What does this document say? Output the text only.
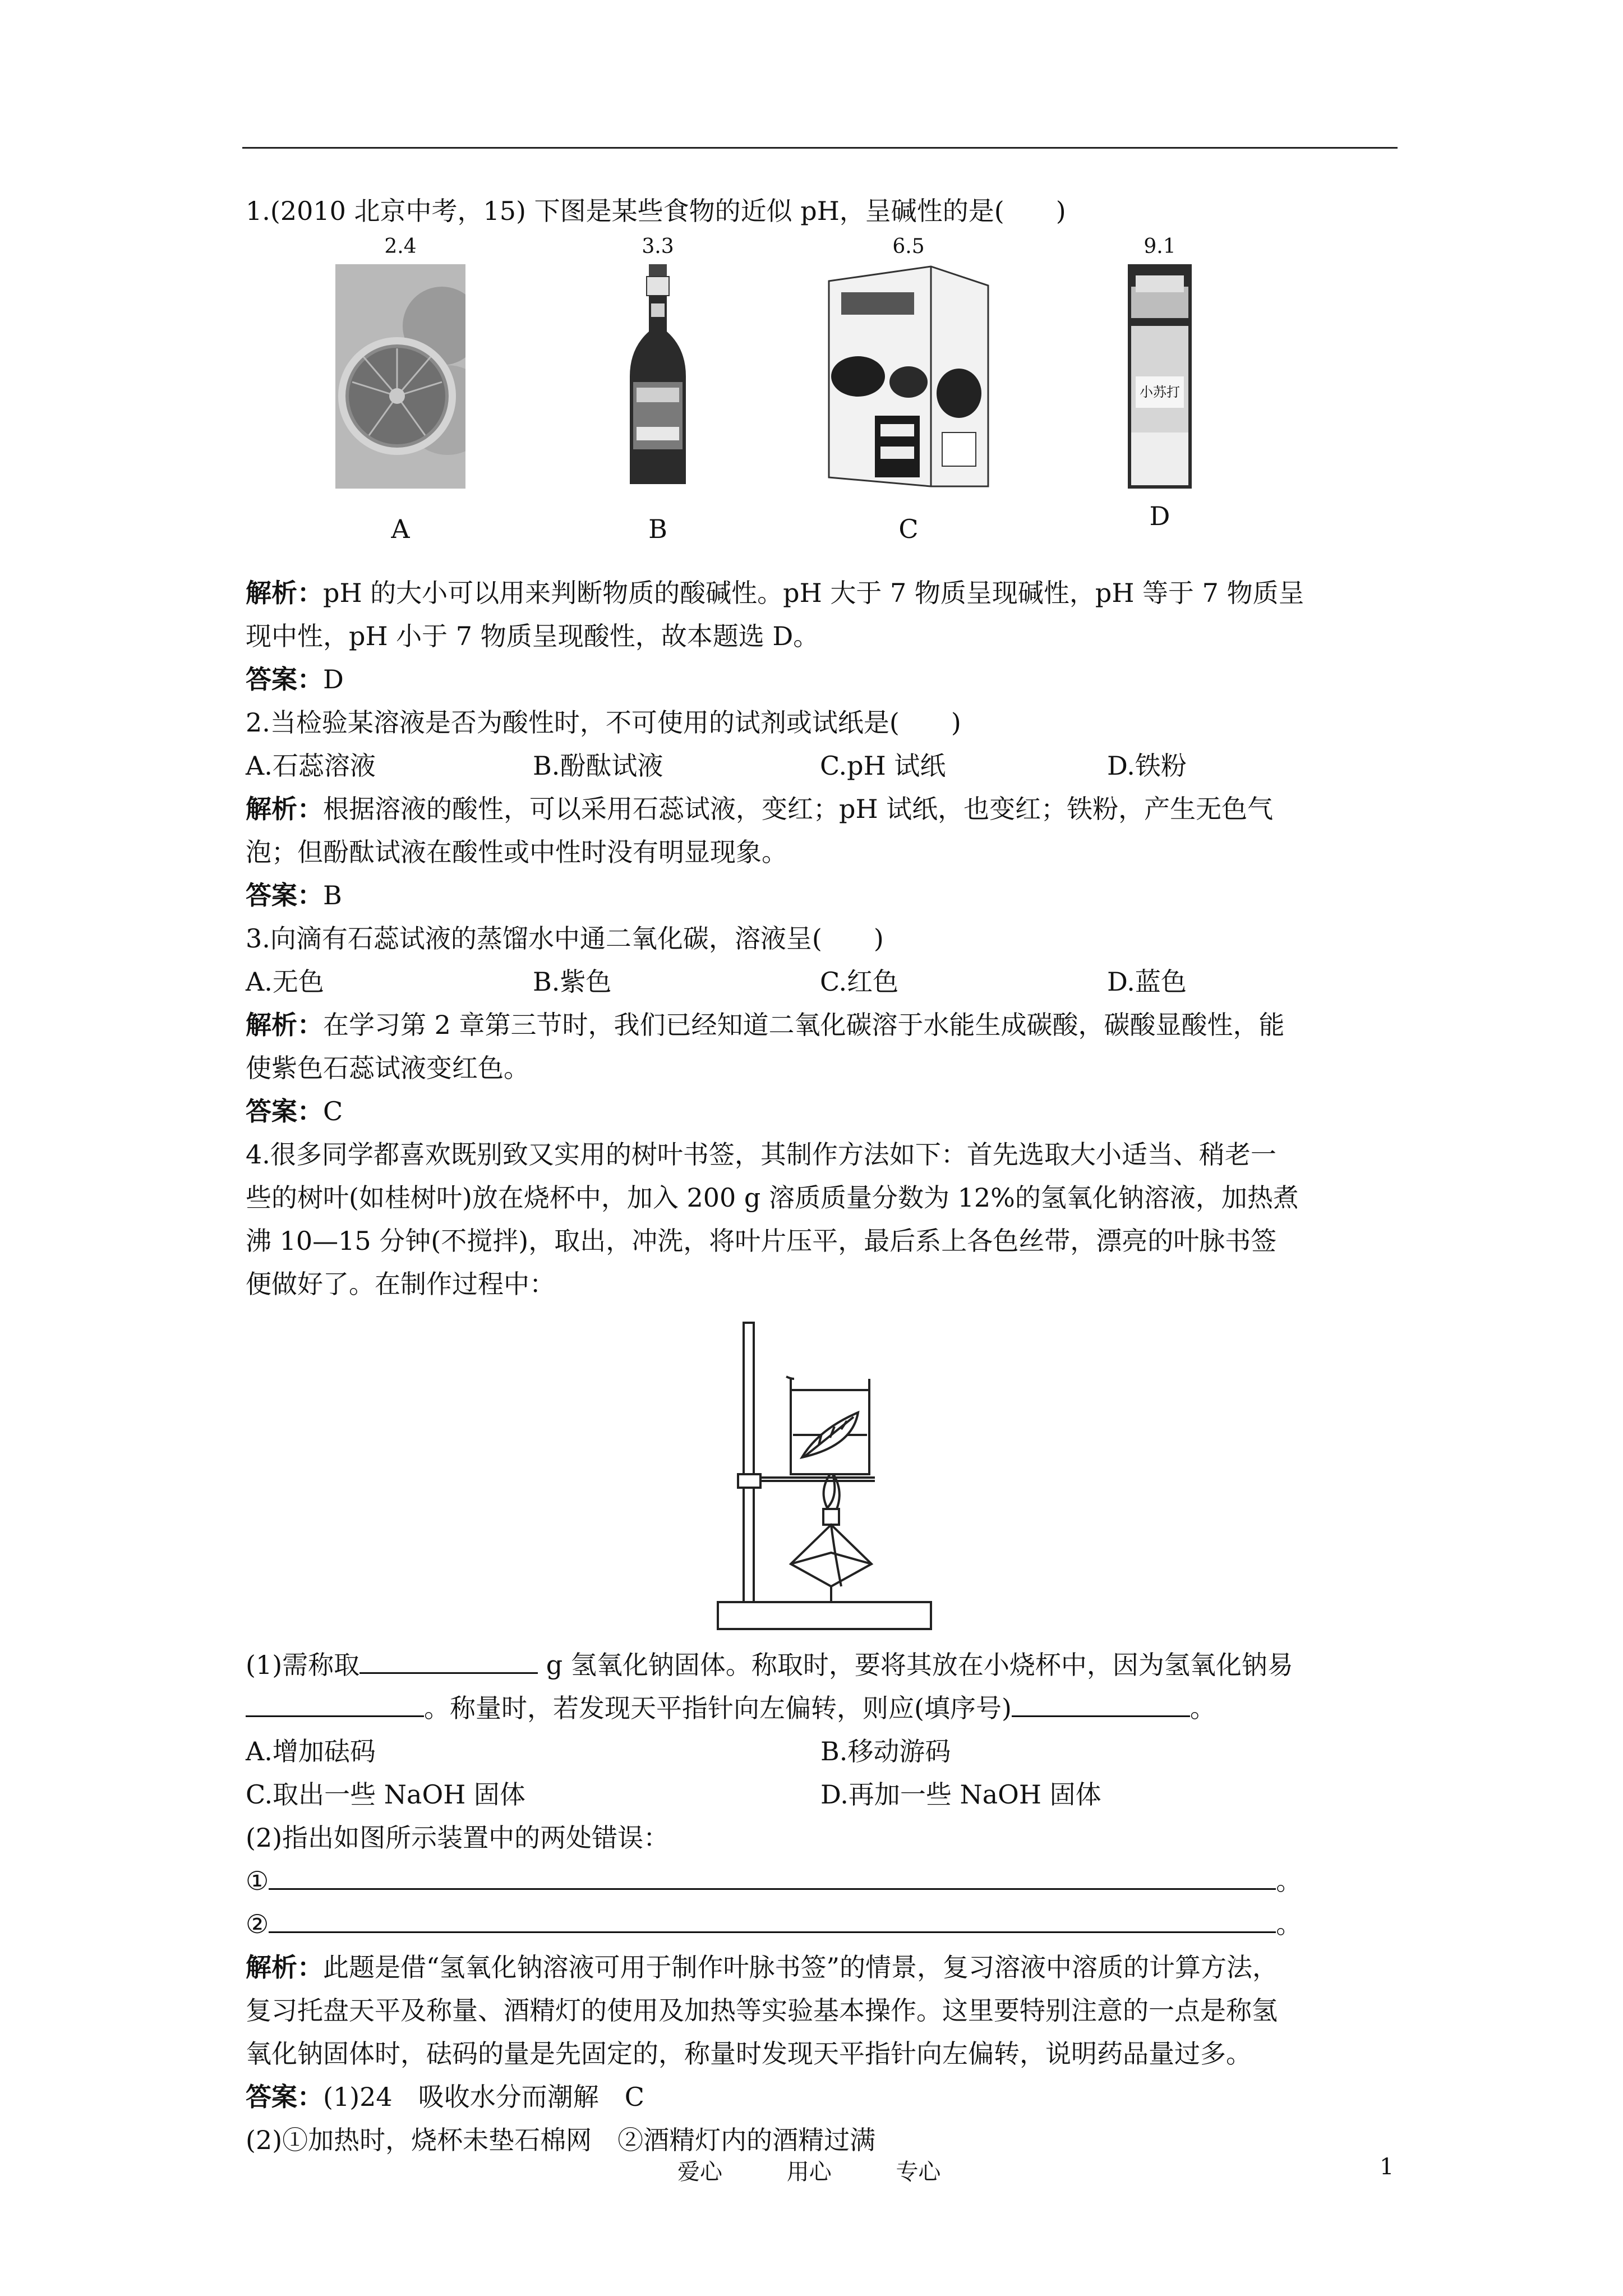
1.(2010 北京中考，15) 下图是某些食物的近似 pH，呈碱性的是(　　)
2.4
A
3.3
B
6.5
C
9.1
小苏打
D
解析：pH 的大小可以用来判断物质的酸碱性。pH 大于 7 物质呈现碱性，pH 等于 7 物质呈
现中性，pH 小于 7 物质呈现酸性，故本题选 D。
答案：D
2.当检验某溶液是否为酸性时，不可使用的试剂或试纸是(　　)
A.石蕊溶液	B.酚酞试液	C.pH 试纸	D.铁粉
解析：根据溶液的酸性，可以采用石蕊试液，变红；pH 试纸，也变红；铁粉，产生无色气
泡；但酚酞试液在酸性或中性时没有明显现象。
答案：B
3.向滴有石蕊试液的蒸馏水中通二氧化碳，溶液呈(　　)
A.无色	B.紫色	C.红色	D.蓝色
解析：在学习第 2 章第三节时，我们已经知道二氧化碳溶于水能生成碳酸，碳酸显酸性，能
使紫色石蕊试液变红色。
答案：C
4.很多同学都喜欢既别致又实用的树叶书签，其制作方法如下：首先选取大小适当、稍老一
些的树叶(如桂树叶)放在烧杯中，加入 200 g 溶质质量分数为 12%的氢氧化钠溶液，加热煮
沸 10—15 分钟(不搅拌)，取出，冲洗，将叶片压平，最后系上各色丝带，漂亮的叶脉书签
便做好了。在制作过程中：
(1)需称取	g 氢氧化钠固体。称取时，要将其放在小烧杯中，因为氢氧化钠易
。称量时，若发现天平指针向左偏转，则应(填序号)	。
A.增加砝码	B.移动游码
C.取出一些 NaOH 固体	D.再加一些 NaOH 固体
(2)指出如图所示装置中的两处错误：
①	。
②	。
解析：此题是借“氢氧化钠溶液可用于制作叶脉书签”的情景，复习溶液中溶质的计算方法，
复习托盘天平及称量、酒精灯的使用及加热等实验基本操作。这里要特别注意的一点是称氢
氧化钠固体时，砝码的量是先固定的，称量时发现天平指针向左偏转，说明药品量过多。
答案：(1)24　吸收水分而潮解　C
(2)①加热时，烧杯未垫石棉网　②酒精灯内的酒精过满
爱心	用心	专心	1
